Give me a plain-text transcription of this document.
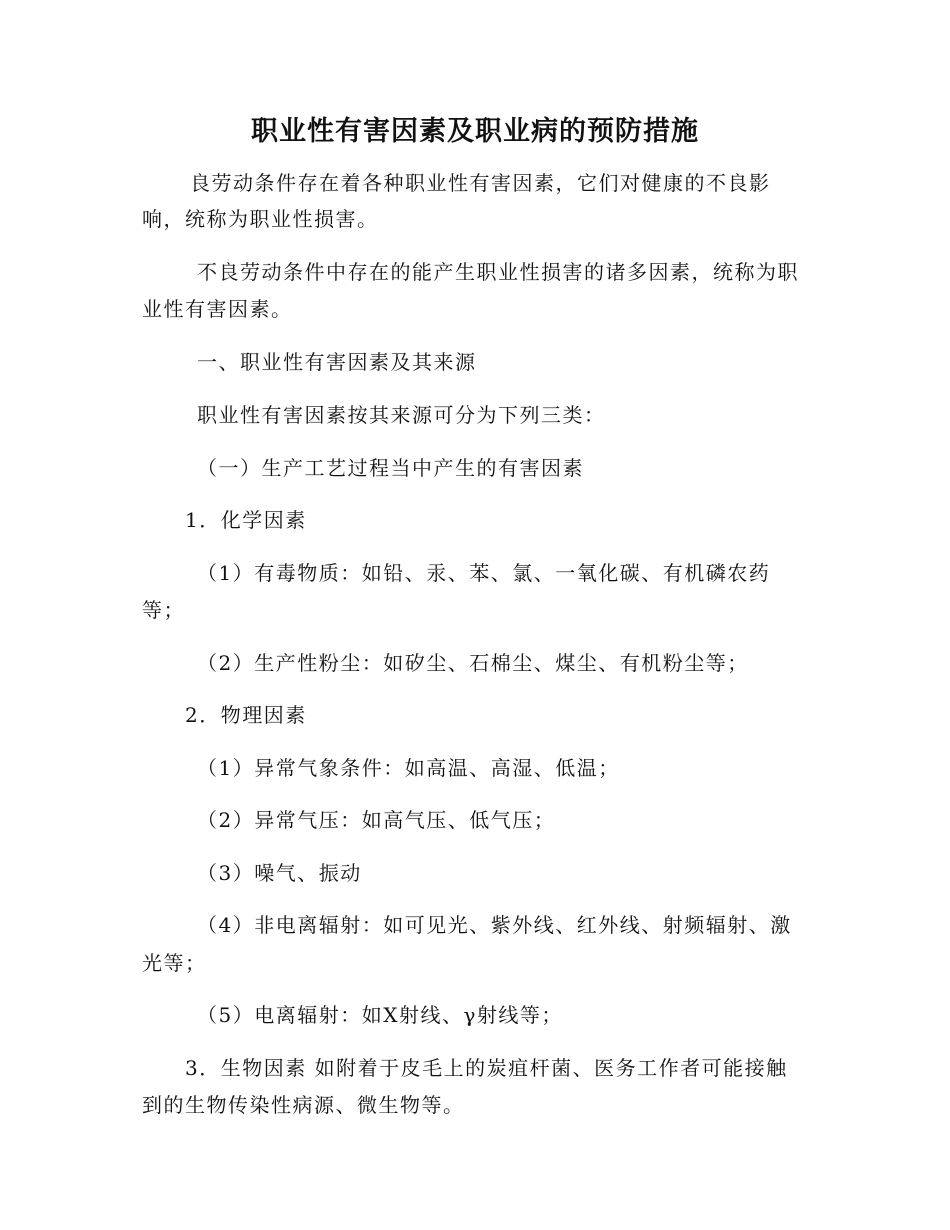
职业性有害因素及职业病的预防措施
良劳动条件存在着各种职业性有害因素，它们对健康的不良影
响，统称为职业性损害。
不良劳动条件中存在的能产生职业性损害的诸多因素，统称为职
业性有害因素。
一、职业性有害因素及其来源
职业性有害因素按其来源可分为下列三类：
（一）生产工艺过程当中产生的有害因素
1．化学因素
（1）有毒物质：如铅、汞、苯、氯、一氧化碳、有机磷农药
等；
（2）生产性粉尘：如矽尘、石棉尘、煤尘、有机粉尘等；
2．物理因素
（1）异常气象条件：如高温、高湿、低温；
（2）异常气压：如高气压、低气压；
（3）噪气、振动
（4）非电离辐射：如可见光、紫外线、红外线、射频辐射、激
光等；
（5）电离辐射：如X射线、γ射线等；
3．生物因素 如附着于皮毛上的炭疽杆菌、医务工作者可能接触
到的生物传染性病源、微生物等。
